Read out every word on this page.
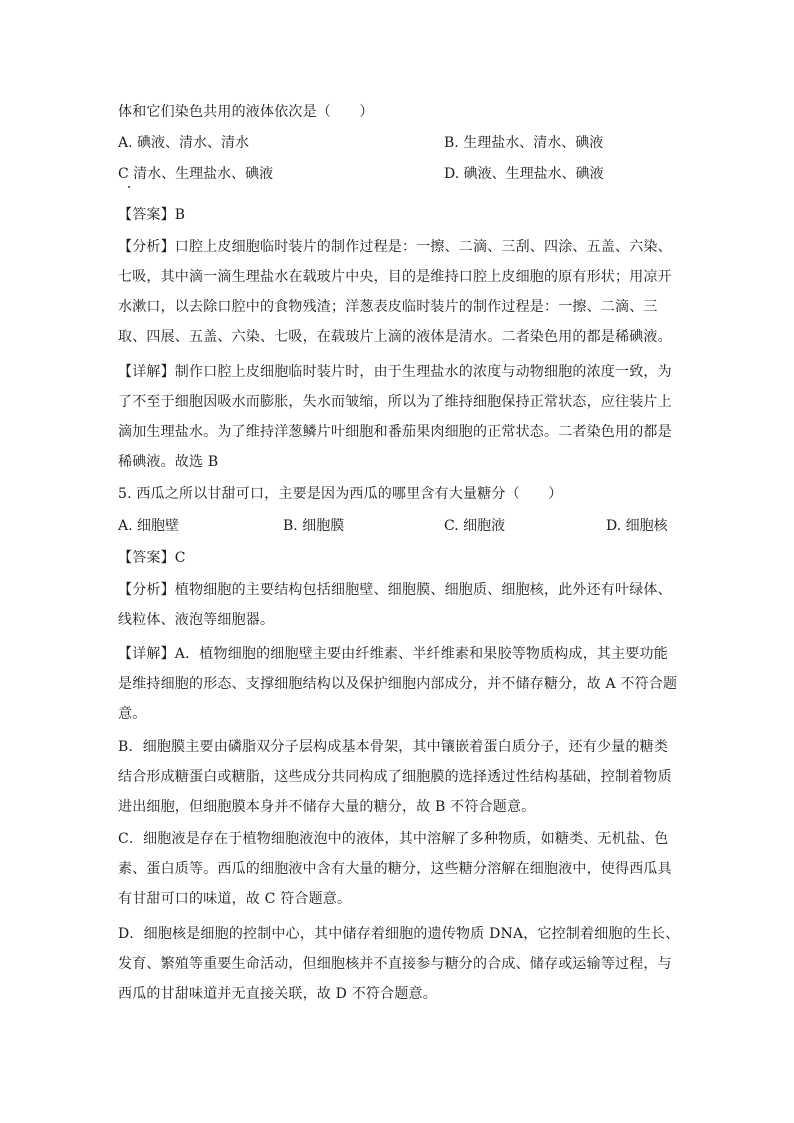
体和它们染色共用的液体依次是（　　）
A. 碘液、清水、清水	B. 生理盐水、清水、碘液
C 清水、生理盐水、碘液	D. 碘液、生理盐水、碘液
【答案】B
【分析】口腔上皮细胞临时装片的制作过程是：一擦、二滴、三刮、四涂、五盖、六染、
七吸，其中滴一滴生理盐水在载玻片中央，目的是维持口腔上皮细胞的原有形状；用凉开
水漱口，以去除口腔中的食物残渣；洋葱表皮临时装片的制作过程是：一擦、二滴、三
取、四展、五盖、六染、七吸，在载玻片上滴的液体是清水。二者染色用的都是稀碘液。
【详解】制作口腔上皮细胞临时装片时，由于生理盐水的浓度与动物细胞的浓度一致，为
了不至于细胞因吸水而膨胀，失水而皱缩，所以为了维持细胞保持正常状态，应往装片上
滴加生理盐水。为了维持洋葱鳞片叶细胞和番茄果肉细胞的正常状态。二者染色用的都是
稀碘液。故选 B
5. 西瓜之所以甘甜可口，主要是因为西瓜的哪里含有大量糖分（　　）
A. 细胞壁	B. 细胞膜	C. 细胞液	D. 细胞核
【答案】C
【分析】植物细胞的主要结构包括细胞壁、细胞膜、细胞质、细胞核，此外还有叶绿体、
线粒体、液泡等细胞器。
【详解】A．植物细胞的细胞壁主要由纤维素、半纤维素和果胶等物质构成，其主要功能
是维持细胞的形态、支撑细胞结构以及保护细胞内部成分，并不储存糖分，故 A 不符合题
意。
B．细胞膜主要由磷脂双分子层构成基本骨架，其中镶嵌着蛋白质分子，还有少量的糖类
结合形成糖蛋白或糖脂，这些成分共同构成了细胞膜的选择透过性结构基础，控制着物质
进出细胞，但细胞膜本身并不储存大量的糖分，故 B 不符合题意。
C．细胞液是存在于植物细胞液泡中的液体，其中溶解了多种物质，如糖类、无机盐、色
素、蛋白质等。西瓜的细胞液中含有大量的糖分，这些糖分溶解在细胞液中，使得西瓜具
有甘甜可口的味道，故 C 符合题意。
D．细胞核是细胞的控制中心，其中储存着细胞的遗传物质 DNA，它控制着细胞的生长、
发育、繁殖等重要生命活动，但细胞核并不直接参与糖分的合成、储存或运输等过程，与
西瓜的甘甜味道并无直接关联，故 D 不符合题意。
